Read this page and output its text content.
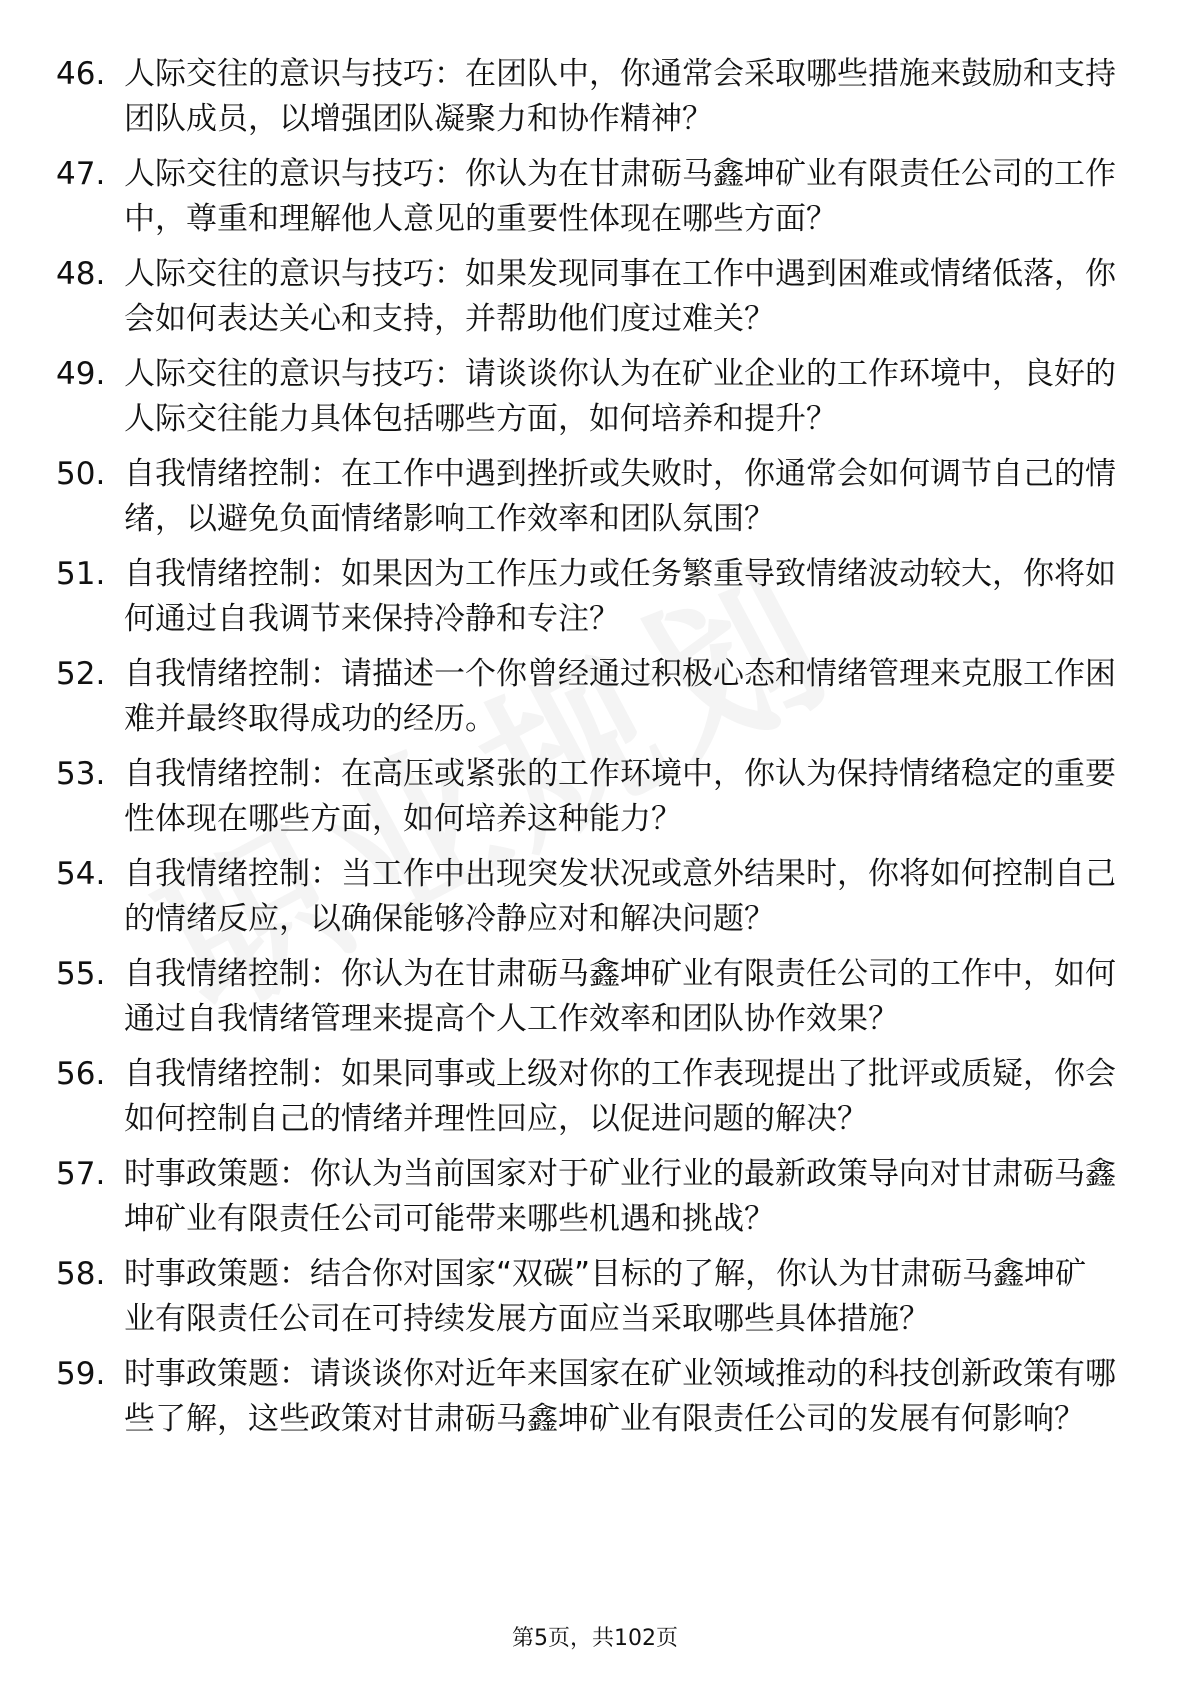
46. 人际交往的意识与技巧：在团队中，你通常会采取哪些措施来鼓励和支持团队成员，以增强团队凝聚力和协作精神？
47. 人际交往的意识与技巧：你认为在甘肃砺马鑫坤矿业有限责任公司的工作中，尊重和理解他人意见的重要性体现在哪些方面？
48. 人际交往的意识与技巧：如果发现同事在工作中遇到困难或情绪低落，你会如何表达关心和支持，并帮助他们度过难关？
49. 人际交往的意识与技巧：请谈谈你认为在矿业企业的工作环境中，良好的人际交往能力具体包括哪些方面，如何培养和提升？
50. 自我情绪控制：在工作中遇到挫折或失败时，你通常会如何调节自己的情绪，以避免负面情绪影响工作效率和团队氛围？
51. 自我情绪控制：如果因为工作压力或任务繁重导致情绪波动较大，你将如何通过自我调节来保持冷静和专注？
52. 自我情绪控制：请描述一个你曾经通过积极心态和情绪管理来克服工作困难并最终取得成功的经历。
53. 自我情绪控制：在高压或紧张的工作环境中，你认为保持情绪稳定的重要性体现在哪些方面，如何培养这种能力？
54. 自我情绪控制：当工作中出现突发状况或意外结果时，你将如何控制自己的情绪反应，以确保能够冷静应对和解决问题？
55. 自我情绪控制：你认为在甘肃砺马鑫坤矿业有限责任公司的工作中，如何通过自我情绪管理来提高个人工作效率和团队协作效果？
56. 自我情绪控制：如果同事或上级对你的工作表现提出了批评或质疑，你会如何控制自己的情绪并理性回应，以促进问题的解决？
57. 时事政策题：你认为当前国家对于矿业行业的最新政策导向对甘肃砺马鑫坤矿业有限责任公司可能带来哪些机遇和挑战？
58. 时事政策题：结合你对国家“双碳”目标的了解，你认为甘肃砺马鑫坤矿业有限责任公司在可持续发展方面应当采取哪些具体措施？
59. 时事政策题：请谈谈你对近年来国家在矿业领域推动的科技创新政策有哪些了解，这些政策对甘肃砺马鑫坤矿业有限责任公司的发展有何影响？
第5页，共102页
